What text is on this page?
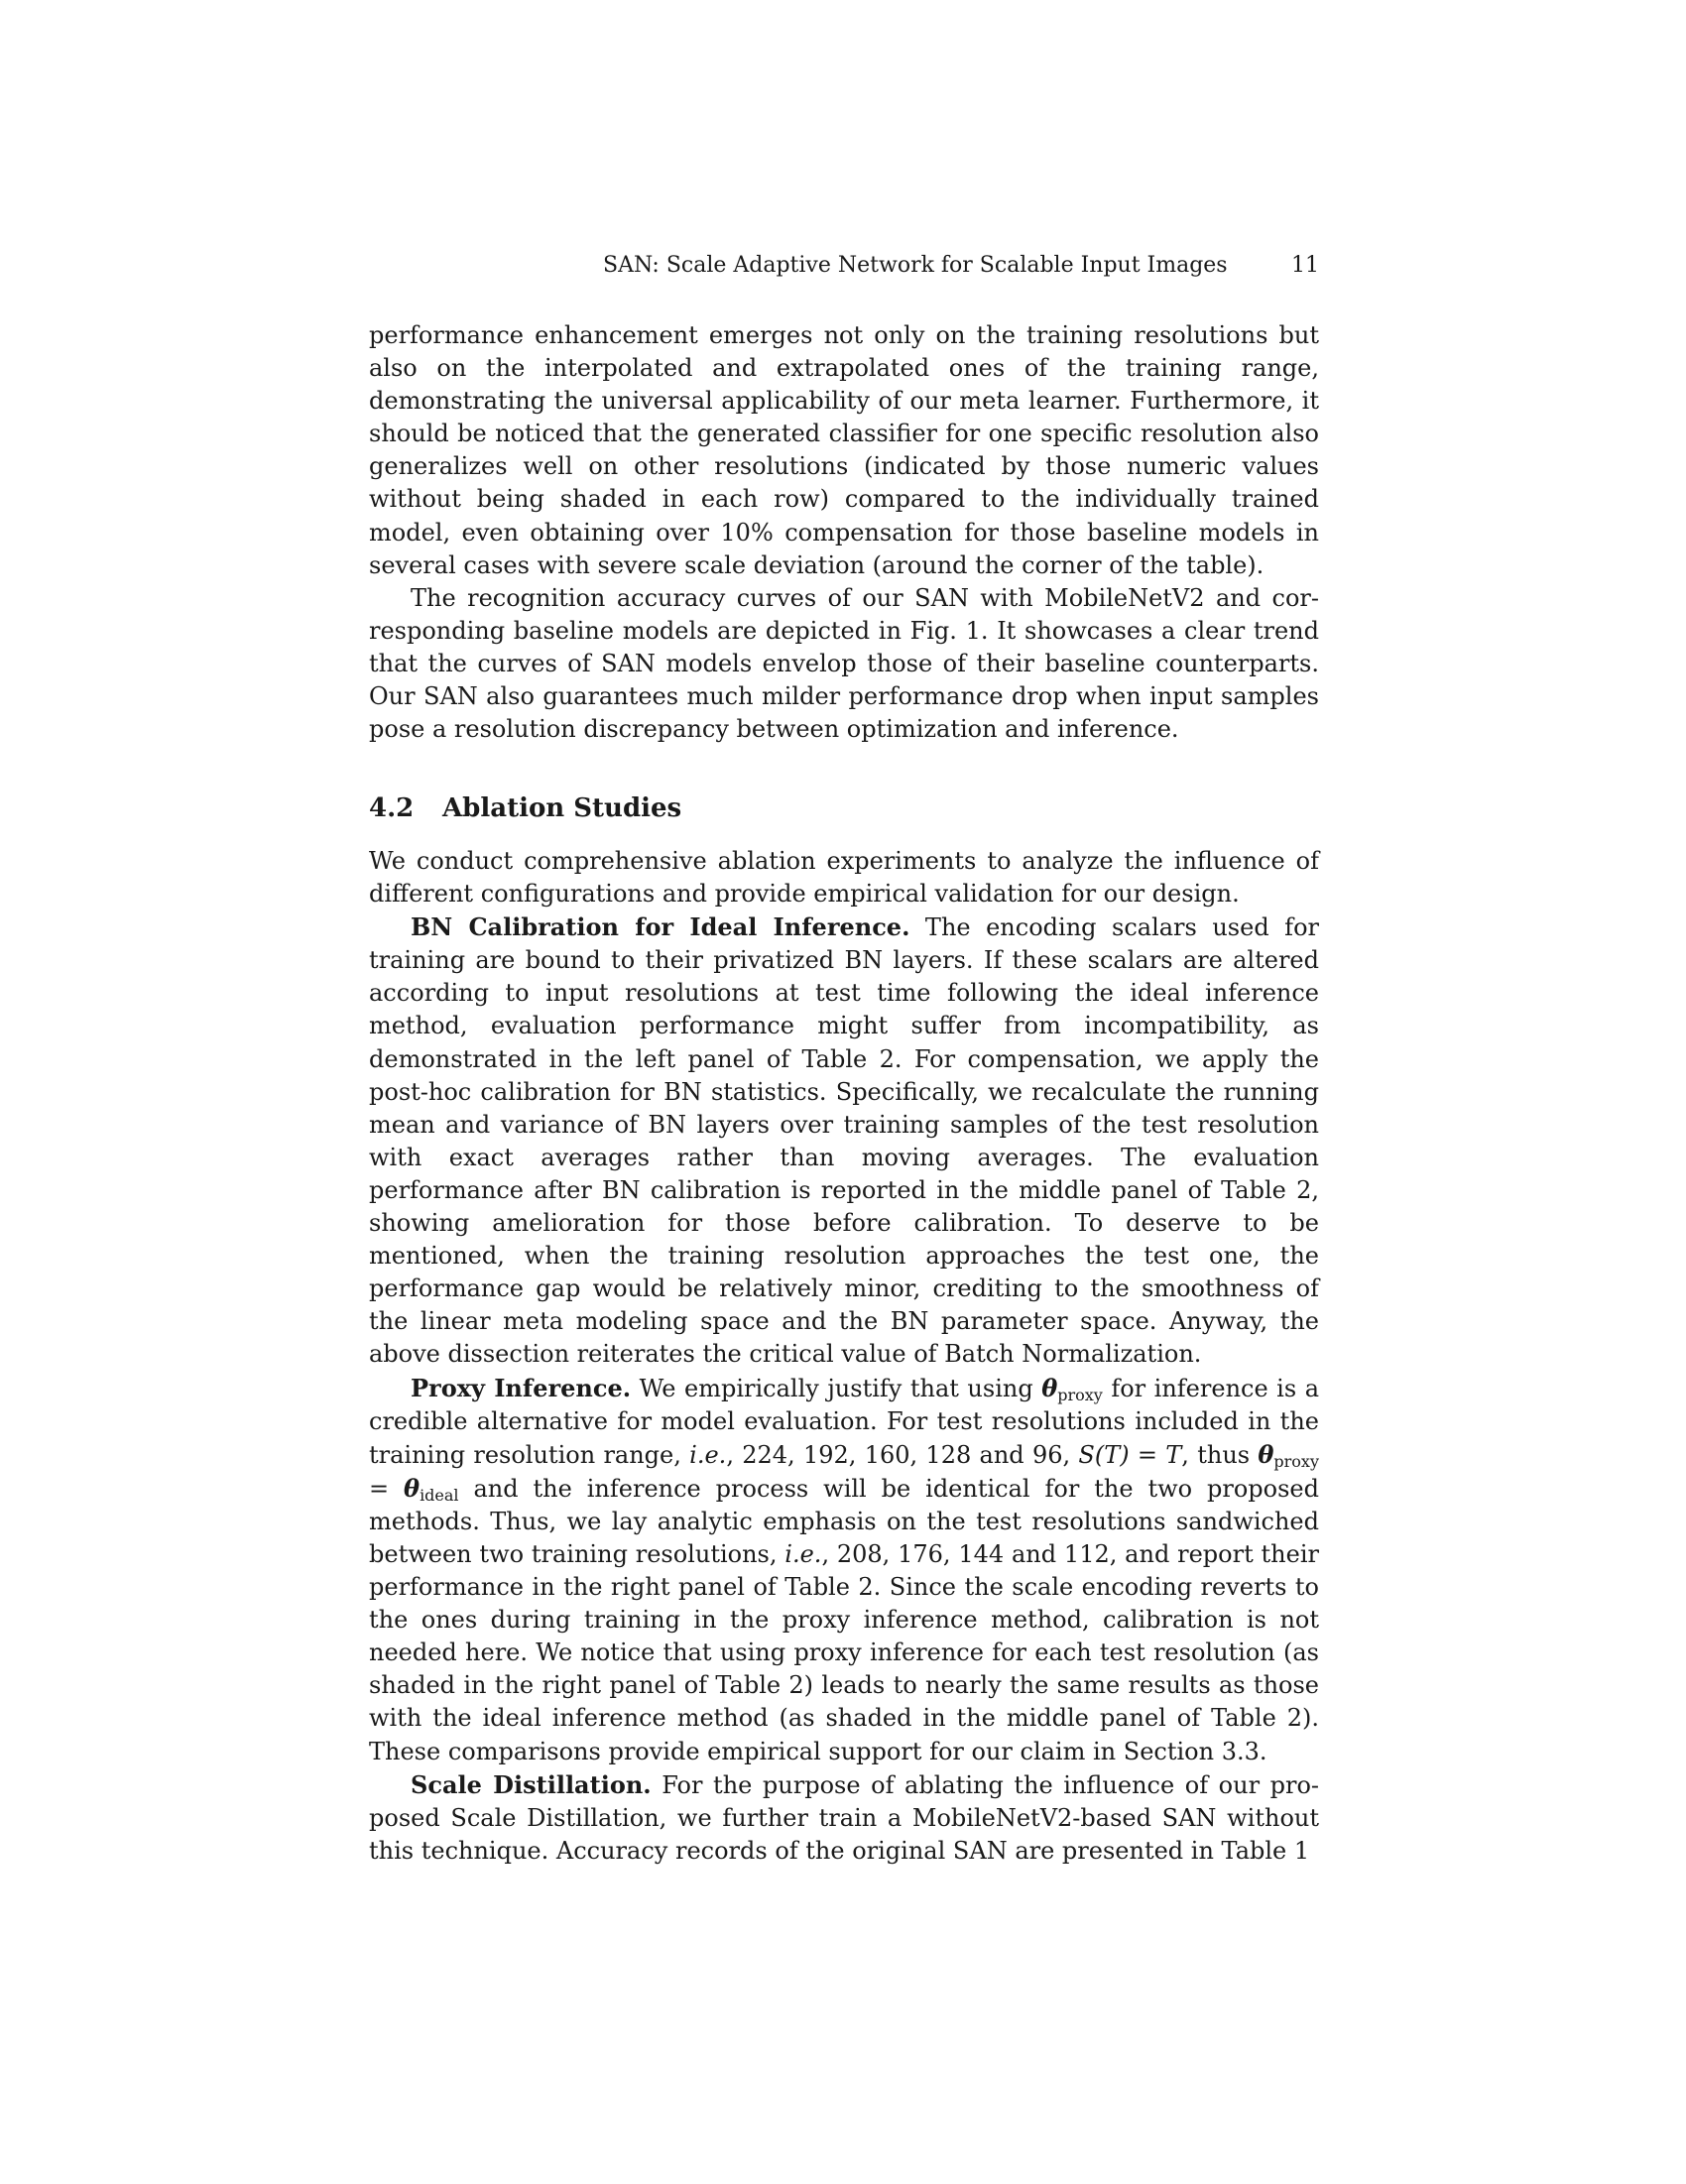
SAN: Scale Adaptive Network for Scalable Input Images	11

performance enhancement emerges not only on the training resolutions but also on the interpolated and extrapolated ones of the training range, demonstrating the universal applicability of our meta learner. Furthermore, it should be noticed that the generated classifier for one specific resolution also generalizes well on other resolutions (indicated by those numeric values without being shaded in each row) compared to the individually trained model, even obtaining over 10% compensation for those baseline models in several cases with severe scale deviation (around the corner of the table).

The recognition accuracy curves of our SAN with MobileNetV2 and corresponding baseline models are depicted in Fig. 1. It showcases a clear trend that the curves of SAN models envelop those of their baseline counterparts. Our SAN also guarantees much milder performance drop when input samples pose a resolution discrepancy between optimization and inference.

4.2 Ablation Studies

We conduct comprehensive ablation experiments to analyze the influence of different configurations and provide empirical validation for our design.

BN Calibration for Ideal Inference. The encoding scalars used for training are bound to their privatized BN layers. If these scalars are altered according to input resolutions at test time following the ideal inference method, evaluation performance might suffer from incompatibility, as demonstrated in the left panel of Table 2. For compensation, we apply the post-hoc calibration for BN statistics. Specifically, we recalculate the running mean and variance of BN layers over training samples of the test resolution with exact averages rather than moving averages. The evaluation performance after BN calibration is reported in the middle panel of Table 2, showing amelioration for those before calibration. To deserve to be mentioned, when the training resolution approaches the test one, the performance gap would be relatively minor, crediting to the smoothness of the linear meta modeling space and the BN parameter space. Anyway, the above dissection reiterates the critical value of Batch Normalization.

Proxy Inference. We empirically justify that using $\theta_{proxy}$ for inference is a credible alternative for model evaluation. For test resolutions included in the training resolution range, i.e., 224, 192, 160, 128 and 96, S(T) = T, thus $\theta_{proxy} = \theta_{ideal}$ and the inference process will be identical for the two proposed methods. Thus, we lay analytic emphasis on the test resolutions sandwiched between two training resolutions, i.e., 208, 176, 144 and 112, and report their performance in the right panel of Table 2. Since the scale encoding reverts to the ones during training in the proxy inference method, calibration is not needed here. We notice that using proxy inference for each test resolution (as shaded in the right panel of Table 2) leads to nearly the same results as those with the ideal inference method (as shaded in the middle panel of Table 2). These comparisons provide empirical support for our claim in Section 3.3.

Scale Distillation. For the purpose of ablating the influence of our proposed Scale Distillation, we further train a MobileNetV2-based SAN without this technique. Accuracy records of the original SAN are presented in Table 1
